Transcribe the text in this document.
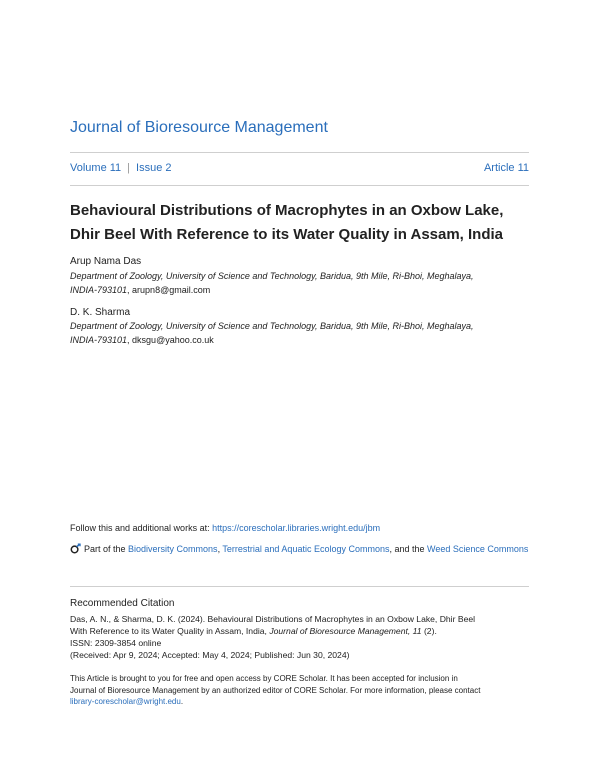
Journal of Bioresource Management
Volume 11 | Issue 2	Article 11
Behavioural Distributions of Macrophytes in an Oxbow Lake, Dhir Beel With Reference to its Water Quality in Assam, India
Arup Nama Das
Department of Zoology, University of Science and Technology, Baridua, 9th Mile, Ri-Bhoi, Meghalaya,
INDIA-793101, arupn8@gmail.com
D. K. Sharma
Department of Zoology, University of Science and Technology, Baridua, 9th Mile, Ri-Bhoi, Meghalaya,
INDIA-793101, dksgu@yahoo.co.uk
Follow this and additional works at: https://corescholar.libraries.wright.edu/jbm
Part of the Biodiversity Commons, Terrestrial and Aquatic Ecology Commons, and the Weed Science Commons
Recommended Citation
Das, A. N., & Sharma, D. K. (2024). Behavioural Distributions of Macrophytes in an Oxbow Lake, Dhir Beel
With Reference to its Water Quality in Assam, India, Journal of Bioresource Management, 11 (2).
ISSN: 2309-3854 online
(Received: Apr 9, 2024; Accepted: May 4, 2024; Published: Jun 30, 2024)
This Article is brought to you for free and open access by CORE Scholar. It has been accepted for inclusion in
Journal of Bioresource Management by an authorized editor of CORE Scholar. For more information, please contact
library-corescholar@wright.edu.
